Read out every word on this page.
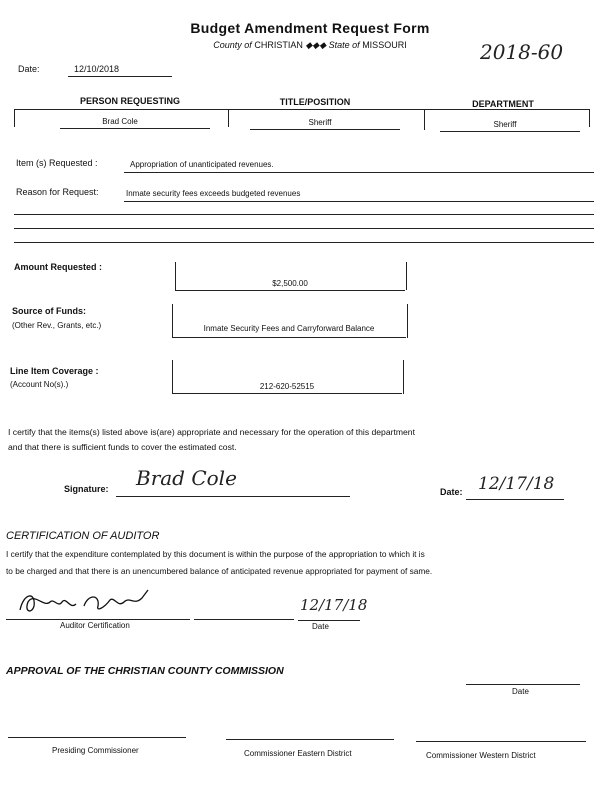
Budget Amendment Request Form
County of CHRISTIAN ◆◆◆ State of MISSOURI	2018-60
Date:	12/10/2018
PERSON REQUESTING	TITLE/POSITION	DEPARTMENT
Brad Cole	Sheriff	Sheriff
Item (s) Requested :	Appropriation of unanticipated revenues.
Reason for Request:	Inmate security fees exceeds budgeted revenues
Amount Requested :
$2,500.00
Source of Funds:
(Other Rev., Grants, etc.)	Inmate Security Fees and Carryforward Balance
Line Item Coverage :
(Account No(s).)	212-620-52515
I certify that the items(s) listed above is(are) appropriate and necessary for the operation of this department
and that there is sufficient funds to cover the estimated cost.
Signature: Brad Cole
Date: 12/17/18
CERTIFICATION OF AUDITOR
I certify that the expenditure contemplated by this document is within the purpose of the appropriation to which it is
to be charged and that there is an unencumbered balance of anticipated revenue appropriated for payment of same.
Auditor Certification
12/17/18
Date
APPROVAL OF THE CHRISTIAN COUNTY COMMISSION
Date
Presiding Commissioner	Commissioner Eastern District	Commissioner Western District
